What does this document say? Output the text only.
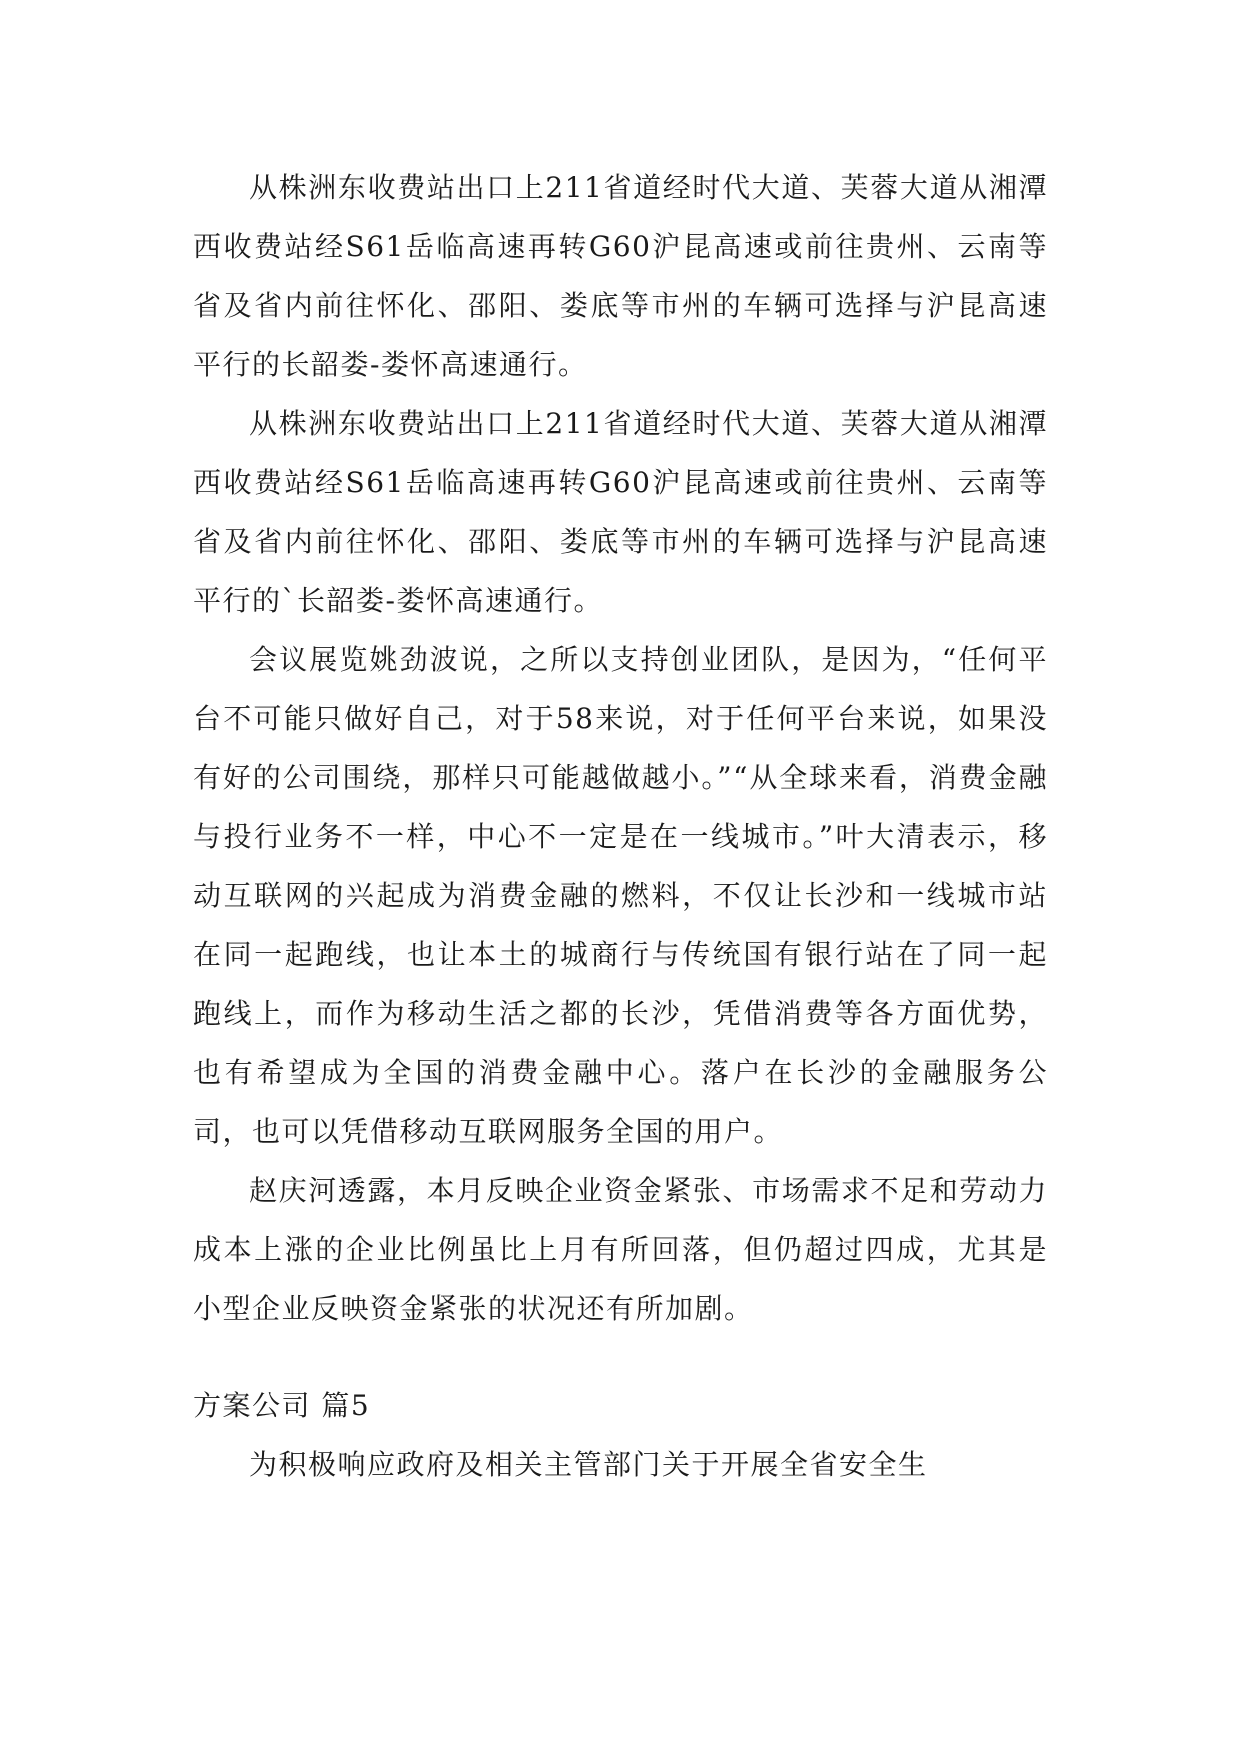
从株洲东收费站出口上211省道经时代大道、芙蓉大道从湘潭西收费站经S61岳临高速再转G60沪昆高速或前往贵州、云南等省及省内前往怀化、邵阳、娄底等市州的车辆可选择与沪昆高速平行的长韶娄-娄怀高速通行。

从株洲东收费站出口上211省道经时代大道、芙蓉大道从湘潭西收费站经S61岳临高速再转G60沪昆高速或前往贵州、云南等省及省内前往怀化、邵阳、娄底等市州的车辆可选择与沪昆高速平行的`长韶娄-娄怀高速通行。

会议展览姚劲波说，之所以支持创业团队，是因为，“任何平台不可能只做好自己，对于58来说，对于任何平台来说，如果没有好的公司围绕，那样只可能越做越小。”“从全球来看，消费金融与投行业务不一样，中心不一定是在一线城市。”叶大清表示，移动互联网的兴起成为消费金融的燃料，不仅让长沙和一线城市站在同一起跑线，也让本土的城商行与传统国有银行站在了同一起跑线上，而作为移动生活之都的长沙，凭借消费等各方面优势，也有希望成为全国的消费金融中心。落户在长沙的金融服务公司，也可以凭借移动互联网服务全国的用户。

赵庆河透露，本月反映企业资金紧张、市场需求不足和劳动力成本上涨的企业比例虽比上月有所回落，但仍超过四成，尤其是小型企业反映资金紧张的状况还有所加剧。

方案公司 篇5

为积极响应政府及相关主管部门关于开展全省安全生
